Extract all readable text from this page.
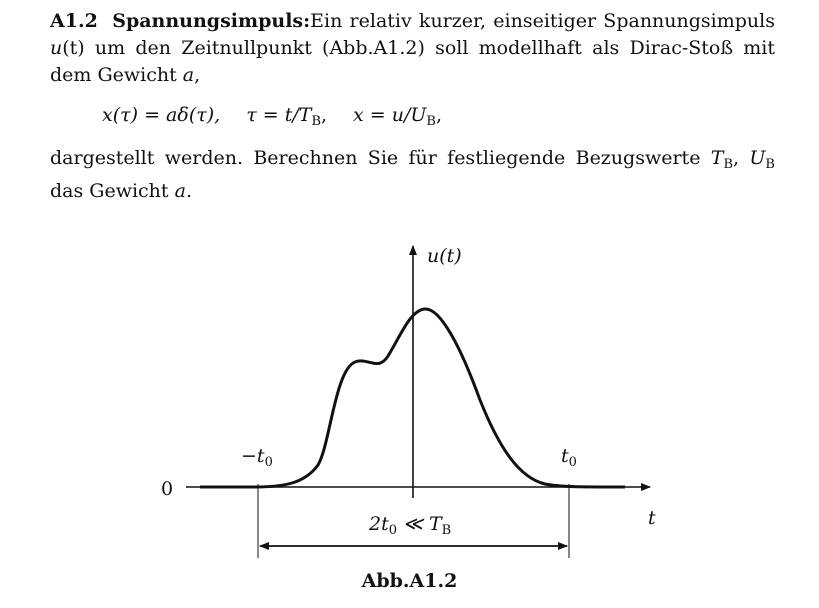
A1.2 Spannungsimpuls:Ein relativ kurzer, einseitiger Spannungsimpuls u(t) um den Zeitnullpunkt (Abb.A1.2) soll modellhaft als Dirac-Stoß mit dem Gewicht a,
x(τ) = aδ(τ), $\tau = t/T_B$, $x = u/U_B$,
dargestellt werden. Berechnen Sie für festliegende Bezugswerte $T_B$, $U_B$ das Gewicht a.
u(t)
t
0
$-t_0$	$t_0$
$2t_0$ ≪ $T_B$
Abb.A1.2
